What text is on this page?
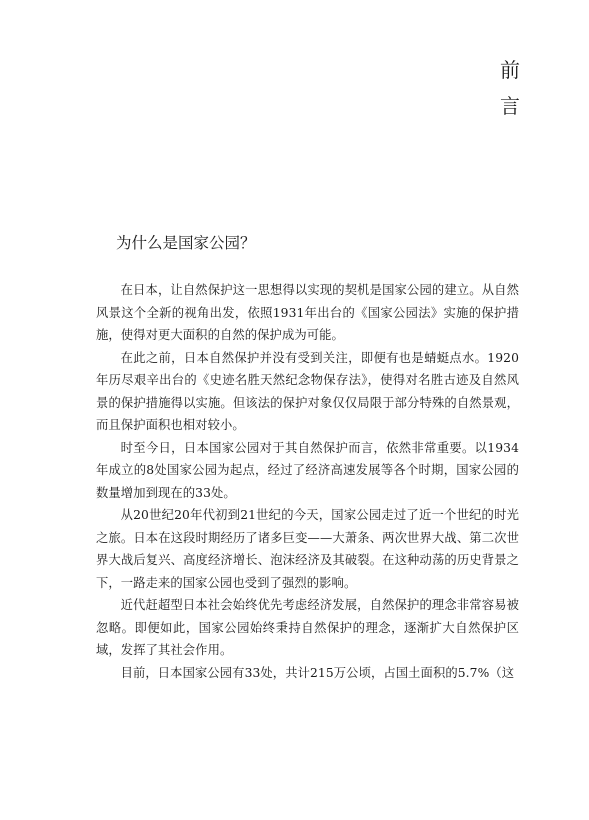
前
言
为什么是国家公园？

在日本，让自然保护这一思想得以实现的契机是国家公园的建立。从自然风景这个全新的视角出发，依照1931年出台的《国家公园法》实施的保护措施，使得对更大面积的自然的保护成为可能。

在此之前，日本自然保护并没有受到关注，即便有也是蜻蜓点水。1920年历尽艰辛出台的《史迹名胜天然纪念物保存法》，使得对名胜古迹及自然风景的保护措施得以实施。但该法的保护对象仅仅局限于部分特殊的自然景观，而且保护面积也相对较小。

时至今日，日本国家公园对于其自然保护而言，依然非常重要。以1934年成立的8处国家公园为起点，经过了经济高速发展等各个时期，国家公园的数量增加到现在的33处。

从20世纪20年代初到21世纪的今天，国家公园走过了近一个世纪的时光之旅。日本在这段时期经历了诸多巨变——大萧条、两次世界大战、第二次世界大战后复兴、高度经济增长、泡沫经济及其破裂。在这种动荡的历史背景之下，一路走来的国家公园也受到了强烈的影响。

近代赶超型日本社会始终优先考虑经济发展，自然保护的理念非常容易被忽略。即便如此，国家公园始终秉持自然保护的理念，逐渐扩大自然保护区域，发挥了其社会作用。

目前，日本国家公园有33处，共计215万公顷，占国土面积的5.7%（这
